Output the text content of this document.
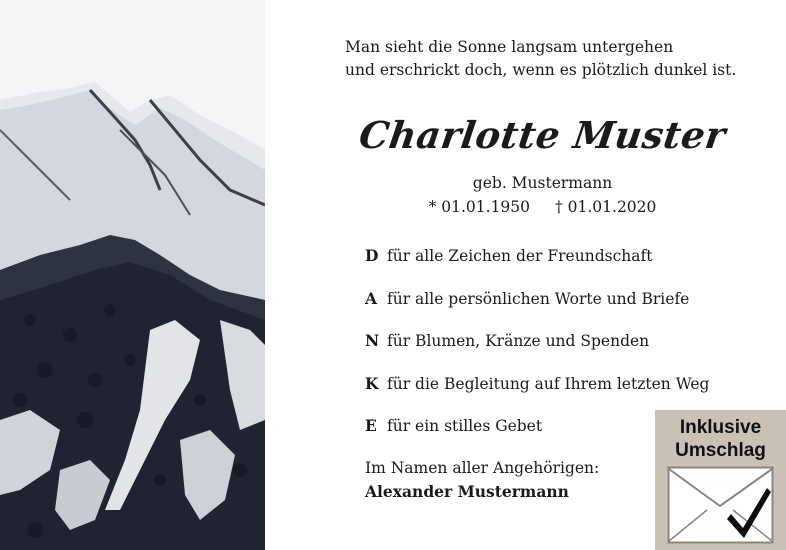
Man sieht die Sonne langsam untergehen
und erschrickt doch, wenn es plötzlich dunkel ist.
Charlotte Muster
geb. Mustermann
* 01.01.1950 † 01.01.2020
D für alle Zeichen der Freundschaft
A für alle persönlichen Worte und Briefe
N für Blumen, Kränze und Spenden
K für die Begleitung auf Ihrem letzten Weg
E für ein stilles Gebet
Im Namen aller Angehörigen:
Alexander Mustermann
Inklusive
Umschlag
